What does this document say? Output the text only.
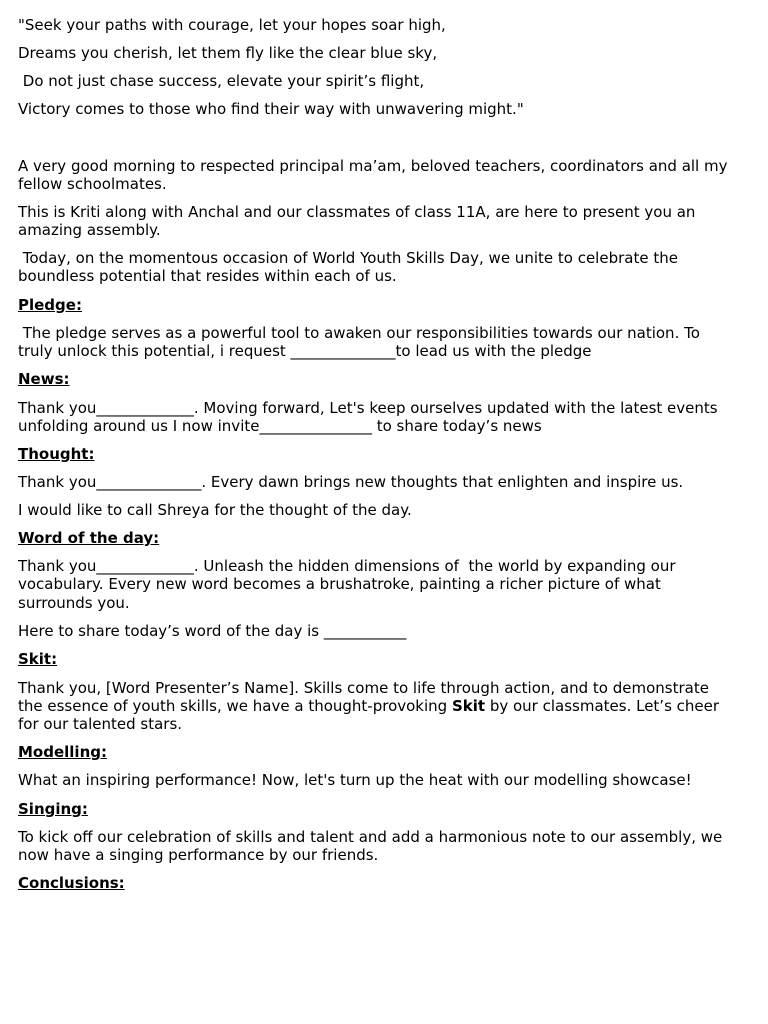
"Seek your paths with courage, let your hopes soar high,
Dreams you cherish, let them fly like the clear blue sky,
Do not just chase success, elevate your spirit’s flight,
Victory comes to those who find their way with unwavering might."
A very good morning to respected principal ma’am, beloved teachers, coordinators and all my
fellow schoolmates.
This is Kriti along with Anchal and our classmates of class 11A, are here to present you an
amazing assembly.
Today, on the momentous occasion of World Youth Skills Day, we unite to celebrate the
boundless potential that resides within each of us.
Pledge:
The pledge serves as a powerful tool to awaken our responsibilities towards our nation. To
truly unlock this potential, i request ______________to lead us with the pledge
News:
Thank you_____________. Moving forward, Let's keep ourselves updated with the latest events
unfolding around us I now invite_______________ to share today’s news
Thought:
Thank you______________. Every dawn brings new thoughts that enlighten and inspire us.
I would like to call Shreya for the thought of the day.
Word of the day:
Thank you_____________. Unleash the hidden dimensions of  the world by expanding our
vocabulary. Every new word becomes a brushatroke, painting a richer picture of what
surrounds you.
Here to share today’s word of the day is ___________
Skit:
Thank you, [Word Presenter’s Name]. Skills come to life through action, and to demonstrate
the essence of youth skills, we have a thought-provoking Skit by our classmates. Let’s cheer
for our talented stars.
Modelling:
What an inspiring performance! Now, let's turn up the heat with our modelling showcase!
Singing:
To kick off our celebration of skills and talent and add a harmonious note to our assembly, we
now have a singing performance by our friends.
Conclusions:
